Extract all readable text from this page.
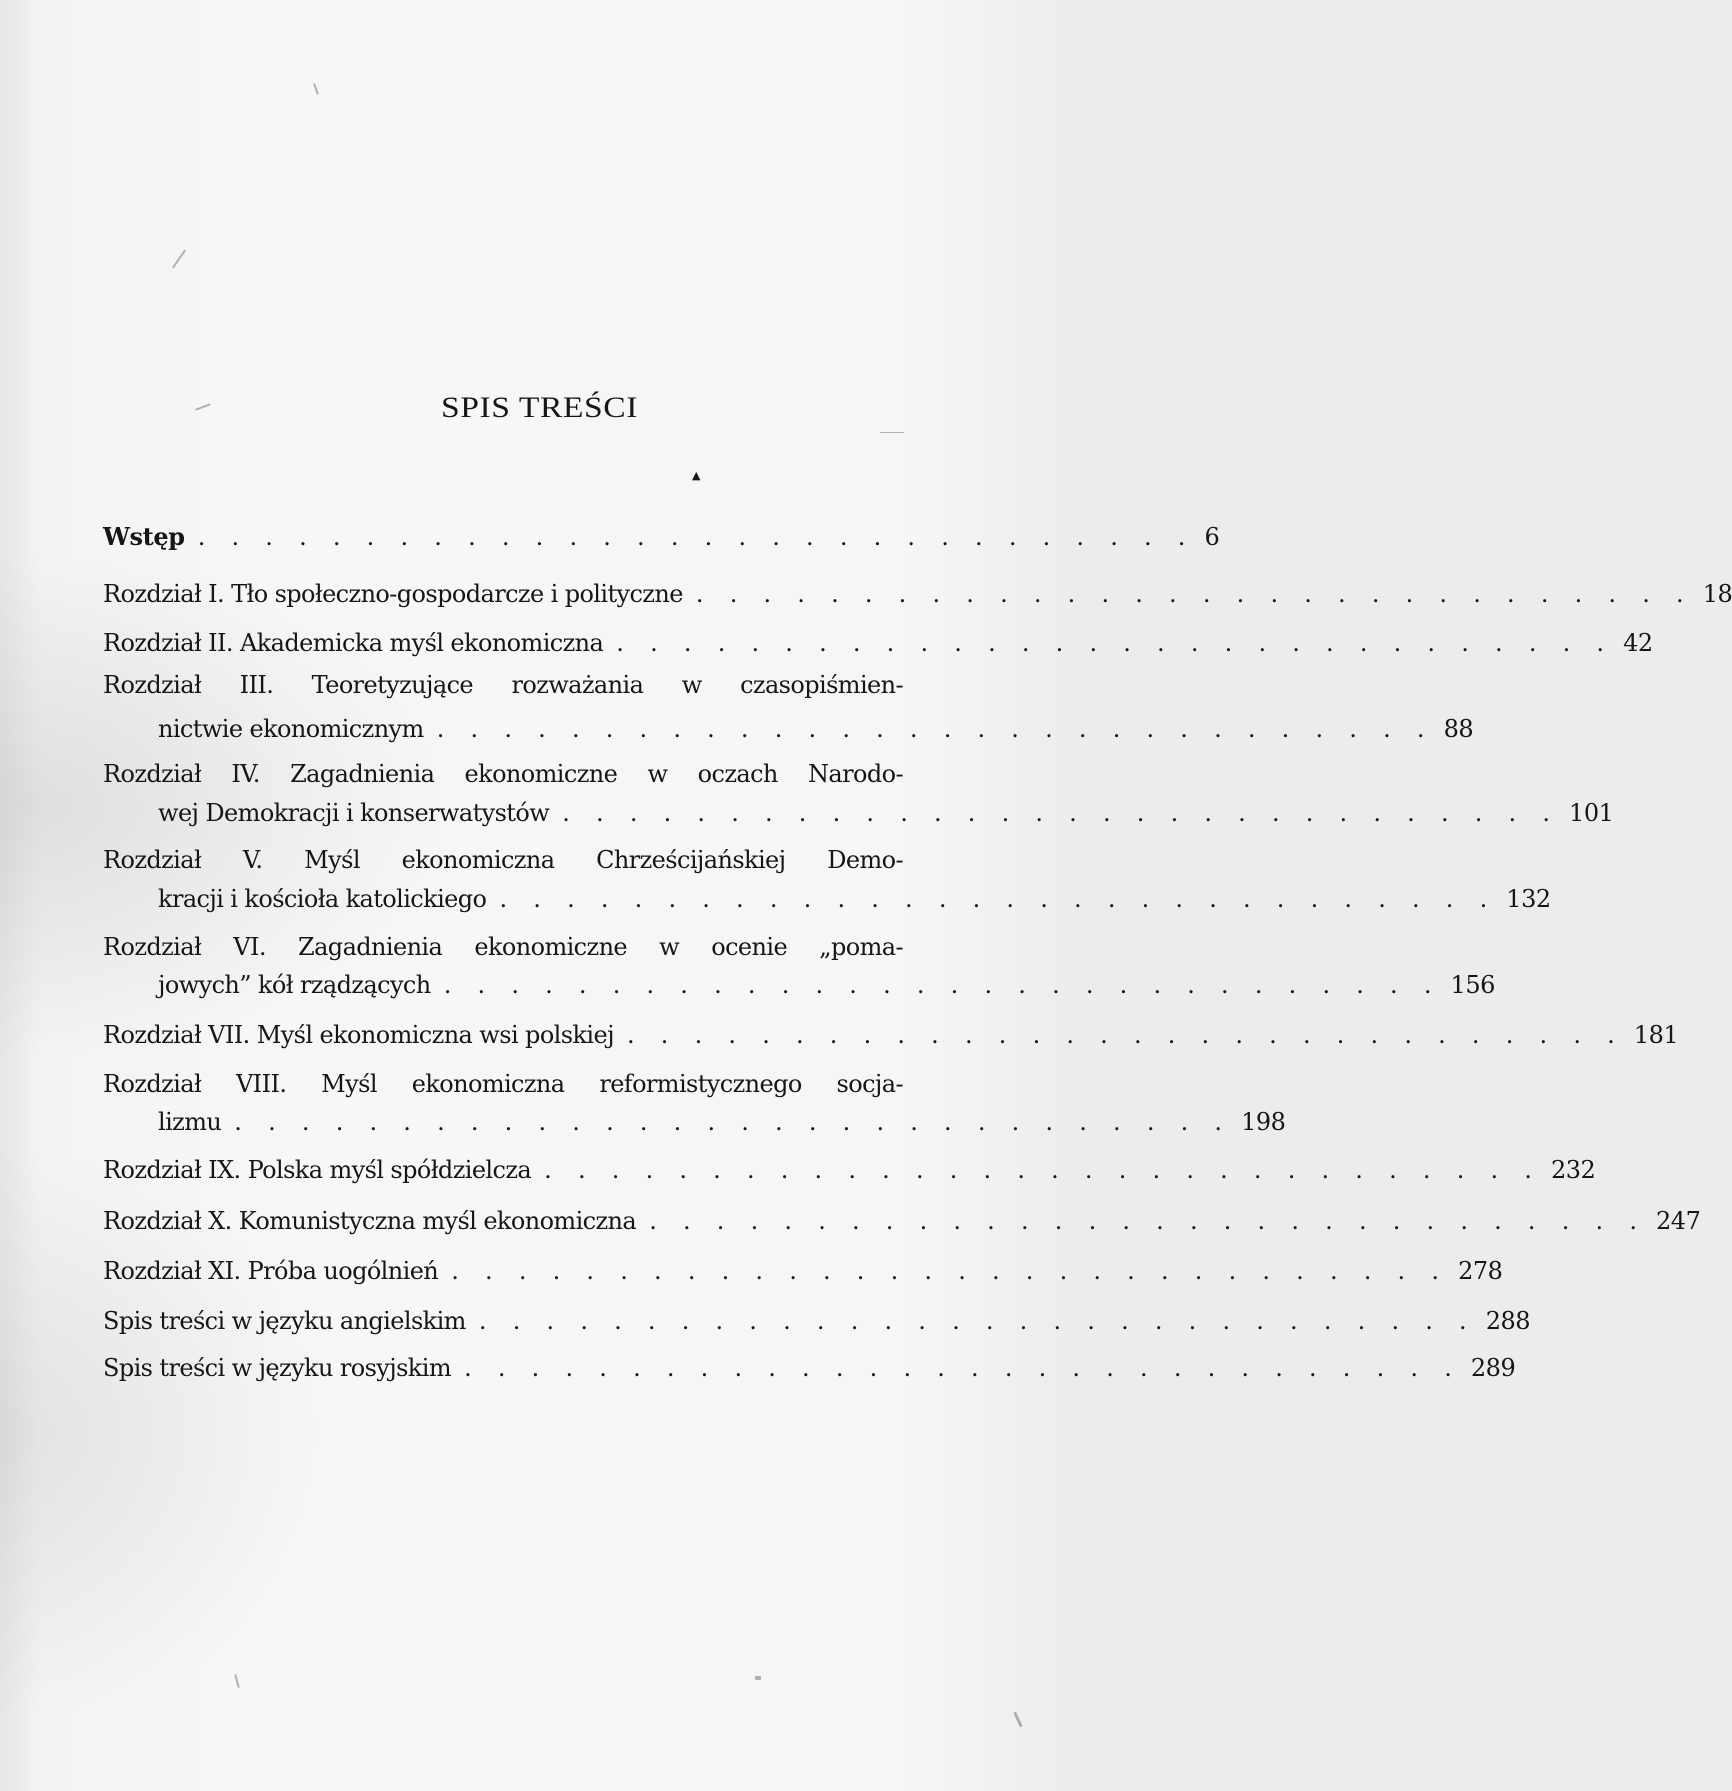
SPIS TREŚCI
▲
Wstęp	..............................	6
Rozdział I. Tło społeczno-gospodarcze i polityczne	..............................	18
Rozdział II. Akademicka myśl ekonomiczna	..............................	42
Rozdział III. Teoretyzujące rozważania w czasopiśmien-
nictwie ekonomicznym	..............................	88
Rozdział IV. Zagadnienia ekonomiczne w oczach Narodo-
wej Demokracji i konserwatystów	..............................	101
Rozdział V. Myśl ekonomiczna Chrześcijańskiej Demo-
kracji i kościoła katolickiego	..............................	132
Rozdział VI. Zagadnienia ekonomiczne w ocenie „poma-
jowych” kół rządzących	..............................	156
Rozdział VII. Myśl ekonomiczna wsi polskiej	..............................	181
Rozdział VIII. Myśl ekonomiczna reformistycznego socja-
lizmu	..............................	198
Rozdział IX. Polska myśl spółdzielcza	..............................	232
Rozdział X. Komunistyczna myśl ekonomiczna	..............................	247
Rozdział XI. Próba uogólnień	..............................	278
Spis treści w języku angielskim	..............................	288
Spis treści w języku rosyjskim	..............................	289
